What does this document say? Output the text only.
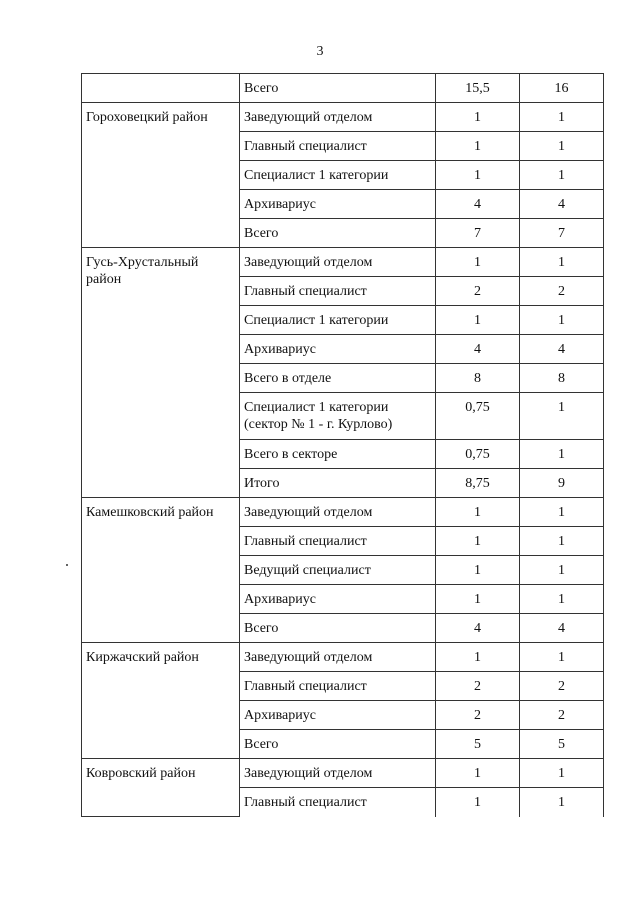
3
	Всего	15,5	16
Гороховецкий район	Заведующий отделом	1	1
	Главный специалист	1	1
	Специалист 1 категории	1	1
	Архивариус	4	4
	Всего	7	7
Гусь-Хрустальный район	Заведующий отделом	1	1
	Главный специалист	2	2
	Специалист 1 категории	1	1
	Архивариус	4	4
	Всего в отделе	8	8
	Специалист 1 категории (сектор № 1 - г. Курлово)	0,75	1
	Всего в секторе	0,75	1
	Итого	8,75	9
Камешковский район	Заведующий отделом	1	1
	Главный специалист	1	1
	Ведущий специалист	1	1
	Архивариус	1	1
	Всего	4	4
Киржачский район	Заведующий отделом	1	1
	Главный специалист	2	2
	Архивариус	2	2
	Всего	5	5
Ковровский район	Заведующий отделом	1	1
	Главный специалист	1	1
